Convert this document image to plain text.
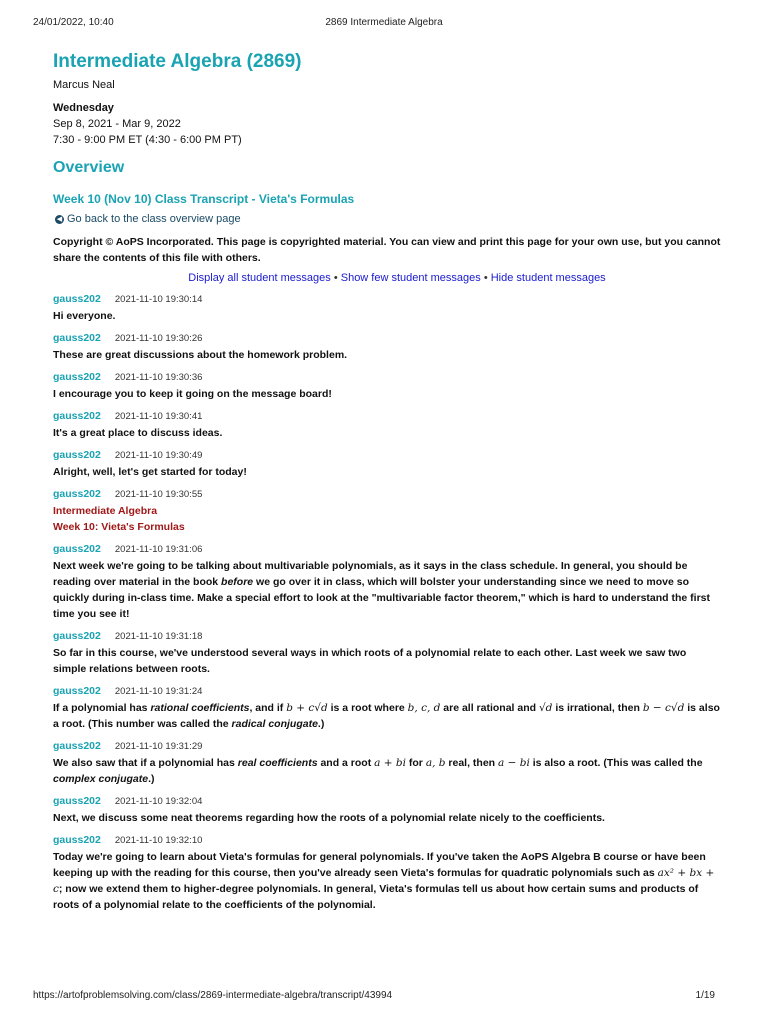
24/01/2022, 10:40	2869 Intermediate Algebra
Intermediate Algebra (2869)
Marcus Neal
Wednesday
Sep 8, 2021 - Mar 9, 2022
7:30 - 9:00 PM ET (4:30 - 6:00 PM PT)
Overview
Week 10 (Nov 10) Class Transcript - Vieta's Formulas
◀ Go back to the class overview page
Copyright © AoPS Incorporated. This page is copyrighted material. You can view and print this page for your own use, but you cannot share the contents of this file with others.
Display all student messages • Show few student messages • Hide student messages
gauss202 2021-11-10 19:30:14
Hi everyone.
gauss202 2021-11-10 19:30:26
These are great discussions about the homework problem.
gauss202 2021-11-10 19:30:36
I encourage you to keep it going on the message board!
gauss202 2021-11-10 19:30:41
It's a great place to discuss ideas.
gauss202 2021-11-10 19:30:49
Alright, well, let's get started for today!
gauss202 2021-11-10 19:30:55
Intermediate Algebra
Week 10: Vieta's Formulas
gauss202 2021-11-10 19:31:06
Next week we're going to be talking about multivariable polynomials, as it says in the class schedule. In general, you should be reading over material in the book before we go over it in class, which will bolster your understanding since we need to move so quickly during in-class time. Make a special effort to look at the "multivariable factor theorem," which is hard to understand the first time you see it!
gauss202 2021-11-10 19:31:18
So far in this course, we've understood several ways in which roots of a polynomial relate to each other. Last week we saw two simple relations between roots.
gauss202 2021-11-10 19:31:24
If a polynomial has rational coefficients, and if b + c√d is a root where b, c, d are all rational and √d is irrational, then b − c√d is also a root. (This number was called the radical conjugate.)
gauss202 2021-11-10 19:31:29
We also saw that if a polynomial has real coefficients and a root a + bi for a, b real, then a − bi is also a root. (This was called the complex conjugate.)
gauss202 2021-11-10 19:32:04
Next, we discuss some neat theorems regarding how the roots of a polynomial relate nicely to the coefficients.
gauss202 2021-11-10 19:32:10
Today we're going to learn about Vieta's formulas for general polynomials. If you've taken the AoPS Algebra B course or have been keeping up with the reading for this course, then you've already seen Vieta's formulas for quadratic polynomials such as ax² + bx + c; now we extend them to higher-degree polynomials. In general, Vieta's formulas tell us about how certain sums and products of roots of a polynomial relate to the coefficients of the polynomial.
https://artofproblemsolving.com/class/2869-intermediate-algebra/transcript/43994	1/19
